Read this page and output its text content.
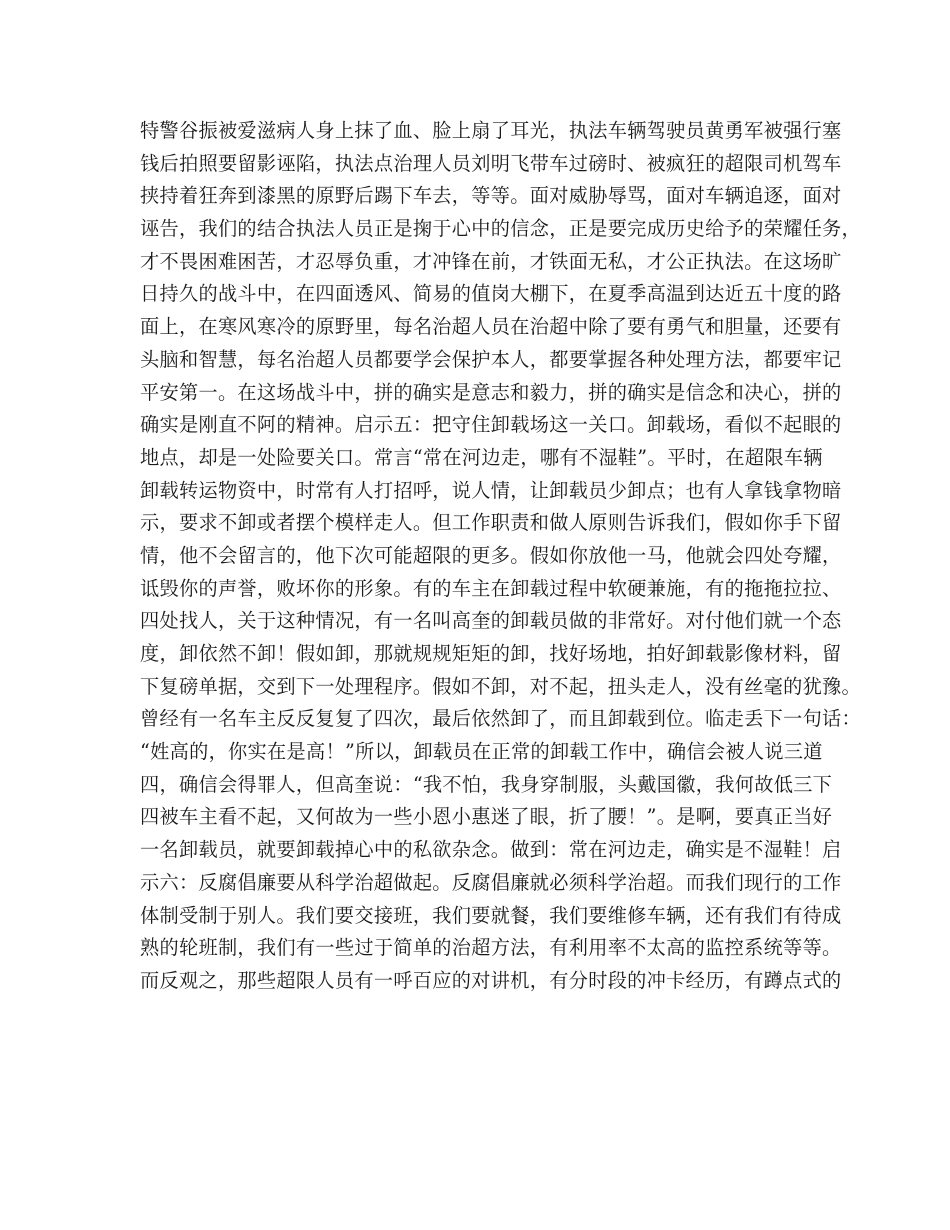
特警谷振被爱滋病人身上抹了血、脸上扇了耳光，执法车辆驾驶员黄勇军被强行塞
钱后拍照要留影诬陷，执法点治理人员刘明飞带车过磅时、被疯狂的超限司机驾车
挟持着狂奔到漆黑的原野后踢下车去，等等。面对威胁辱骂，面对车辆追逐，面对
诬告，我们的结合执法人员正是掬于心中的信念，正是要完成历史给予的荣耀任务，
才不畏困难困苦，才忍辱负重，才冲锋在前，才铁面无私，才公正执法。在这场旷
日持久的战斗中，在四面透风、简易的值岗大棚下，在夏季高温到达近五十度的路
面上，在寒风寒冷的原野里，每名治超人员在治超中除了要有勇气和胆量，还要有
头脑和智慧，每名治超人员都要学会保护本人，都要掌握各种处理方法，都要牢记
平安第一。在这场战斗中，拼的确实是意志和毅力，拼的确实是信念和决心，拼的
确实是刚直不阿的精神。启示五：把守住卸载场这一关口。卸载场，看似不起眼的
地点，却是一处险要关口。常言“常在河边走，哪有不湿鞋”。平时，在超限车辆
卸载转运物资中，时常有人打招呼，说人情，让卸载员少卸点；也有人拿钱拿物暗
示，要求不卸或者摆个模样走人。但工作职责和做人原则告诉我们，假如你手下留
情，他不会留言的，他下次可能超限的更多。假如你放他一马，他就会四处夸耀，
诋毁你的声誉，败坏你的形象。有的车主在卸载过程中软硬兼施，有的拖拖拉拉、
四处找人，关于这种情况，有一名叫高奎的卸载员做的非常好。对付他们就一个态
度，卸依然不卸！假如卸，那就规规矩矩的卸，找好场地，拍好卸载影像材料，留
下复磅单据，交到下一处理程序。假如不卸，对不起，扭头走人，没有丝毫的犹豫。
曾经有一名车主反反复复了四次，最后依然卸了，而且卸载到位。临走丢下一句话：
“姓高的，你实在是高！”所以，卸载员在正常的卸载工作中，确信会被人说三道
四，确信会得罪人，但高奎说：“我不怕，我身穿制服，头戴国徽，我何故低三下
四被车主看不起，又何故为一些小恩小惠迷了眼，折了腰！”。是啊，要真正当好
一名卸载员，就要卸载掉心中的私欲杂念。做到：常在河边走，确实是不湿鞋！启
示六：反腐倡廉要从科学治超做起。反腐倡廉就必须科学治超。而我们现行的工作
体制受制于别人。我们要交接班，我们要就餐，我们要维修车辆，还有我们有待成
熟的轮班制，我们有一些过于简单的治超方法，有利用率不太高的监控系统等等。
而反观之，那些超限人员有一呼百应的对讲机，有分时段的冲卡经历，有蹲点式的
